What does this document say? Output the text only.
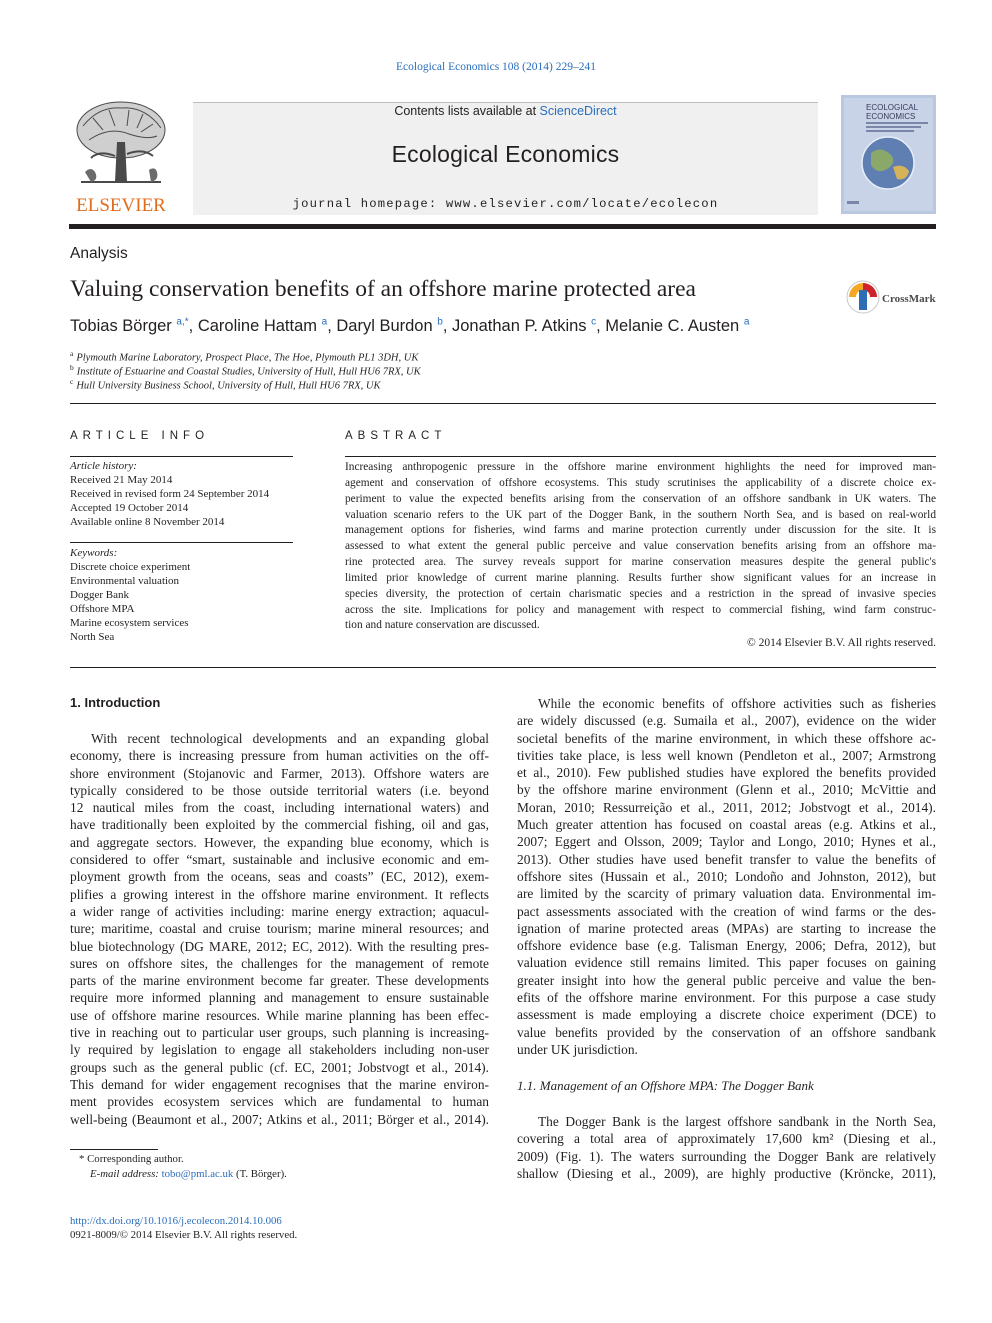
Ecological Economics 108 (2014) 229–241
ELSEVIER
Contents lists available at ScienceDirect
Ecological Economics
journal homepage: www.elsevier.com/locate/ecolecon
ECOLOGICAL
ECONOMICS
Analysis
Valuing conservation benefits of an offshore marine protected area	CrossMark
Tobias Börger $^{a,*}$, Caroline Hattam $^a$, Daryl Burdon $^b$, Jonathan P. Atkins $^c$, Melanie C. Austen $^a$
$^a$ Plymouth Marine Laboratory, Prospect Place, The Hoe, Plymouth PL1 3DH, UK
$^b$ Institute of Estuarine and Coastal Studies, University of Hull, Hull HU6 7RX, UK
$^c$ Hull University Business School, University of Hull, Hull HU6 7RX, UK
ARTICLE INFO	ABSTRACT
Article history:
Received 21 May 2014
Received in revised form 24 September 2014
Accepted 19 October 2014
Available online 8 November 2014
Keywords:
Discrete choice experiment
Environmental valuation
Dogger Bank
Offshore MPA
Marine ecosystem services
North Sea
Increasing anthropogenic pressure in the offshore marine environment highlights the need for improved man-
agement and conservation of offshore ecosystems. This study scrutinises the applicability of a discrete choice ex-
periment to value the expected benefits arising from the conservation of an offshore sandbank in UK waters. The
valuation scenario refers to the UK part of the Dogger Bank, in the southern North Sea, and is based on real-world
management options for fisheries, wind farms and marine protection currently under discussion for the site. It is
assessed to what extent the general public perceive and value conservation benefits arising from an offshore ma-
rine protected area. The survey reveals support for marine conservation measures despite the general public's
limited prior knowledge of current marine planning. Results further show significant values for an increase in
species diversity, the protection of certain charismatic species and a restriction in the spread of invasive species
across the site. Implications for policy and management with respect to commercial fishing, wind farm construc-
tion and nature conservation are discussed.
© 2014 Elsevier B.V. All rights reserved.
1. Introduction
With recent technological developments and an expanding global
economy, there is increasing pressure from human activities on the off-
shore environment (Stojanovic and Farmer, 2013). Offshore waters are
typically considered to be those outside territorial waters (i.e. beyond
12 nautical miles from the coast, including international waters) and
have traditionally been exploited by the commercial fishing, oil and gas,
and aggregate sectors. However, the expanding blue economy, which is
considered to offer “smart, sustainable and inclusive economic and em-
ployment growth from the oceans, seas and coasts” (EC, 2012), exem-
plifies a growing interest in the offshore marine environment. It reflects
a wider range of activities including: marine energy extraction; aquacul-
ture; maritime, coastal and cruise tourism; marine mineral resources; and
blue biotechnology (DG MARE, 2012; EC, 2012). With the resulting pres-
sures on offshore sites, the challenges for the management of remote
parts of the marine environment become far greater. These developments
require more informed planning and management to ensure sustainable
use of offshore marine resources. While marine planning has been effec-
tive in reaching out to particular user groups, such planning is increasing-
ly required by legislation to engage all stakeholders including non-user
groups such as the general public (cf. EC, 2001; Jobstvogt et al., 2014).
This demand for wider engagement recognises that the marine environ-
ment provides ecosystem services which are fundamental to human
well-being (Beaumont et al., 2007; Atkins et al., 2011; Börger et al., 2014).
While the economic benefits of offshore activities such as fisheries
are widely discussed (e.g. Sumaila et al., 2007), evidence on the wider
societal benefits of the marine environment, in which these offshore ac-
tivities take place, is less well known (Pendleton et al., 2007; Armstrong
et al., 2010). Few published studies have explored the benefits provided
by the offshore marine environment (Glenn et al., 2010; McVittie and
Moran, 2010; Ressurreição et al., 2011, 2012; Jobstvogt et al., 2014).
Much greater attention has focused on coastal areas (e.g. Atkins et al.,
2007; Eggert and Olsson, 2009; Taylor and Longo, 2010; Hynes et al.,
2013). Other studies have used benefit transfer to value the benefits of
offshore sites (Hussain et al., 2010; Londoño and Johnston, 2012), but
are limited by the scarcity of primary valuation data. Environmental im-
pact assessments associated with the creation of wind farms or the des-
ignation of marine protected areas (MPAs) are starting to increase the
offshore evidence base (e.g. Talisman Energy, 2006; Defra, 2012), but
valuation evidence still remains limited. This paper focuses on gaining
greater insight into how the general public perceive and value the ben-
efits of the offshore marine environment. For this purpose a case study
assessment is made employing a discrete choice experiment (DCE) to
value benefits provided by the conservation of an offshore sandbank
under UK jurisdiction.
1.1. Management of an Offshore MPA: The Dogger Bank
The Dogger Bank is the largest offshore sandbank in the North Sea,
covering a total area of approximately 17,600 km² (Diesing et al.,
2009) (Fig. 1). The waters surrounding the Dogger Bank are relatively
shallow (Diesing et al., 2009), are highly productive (Kröncke, 2011),
* Corresponding author.
E-mail address: tobo@pml.ac.uk (T. Börger).
http://dx.doi.org/10.1016/j.ecolecon.2014.10.006
0921-8009/© 2014 Elsevier B.V. All rights reserved.
